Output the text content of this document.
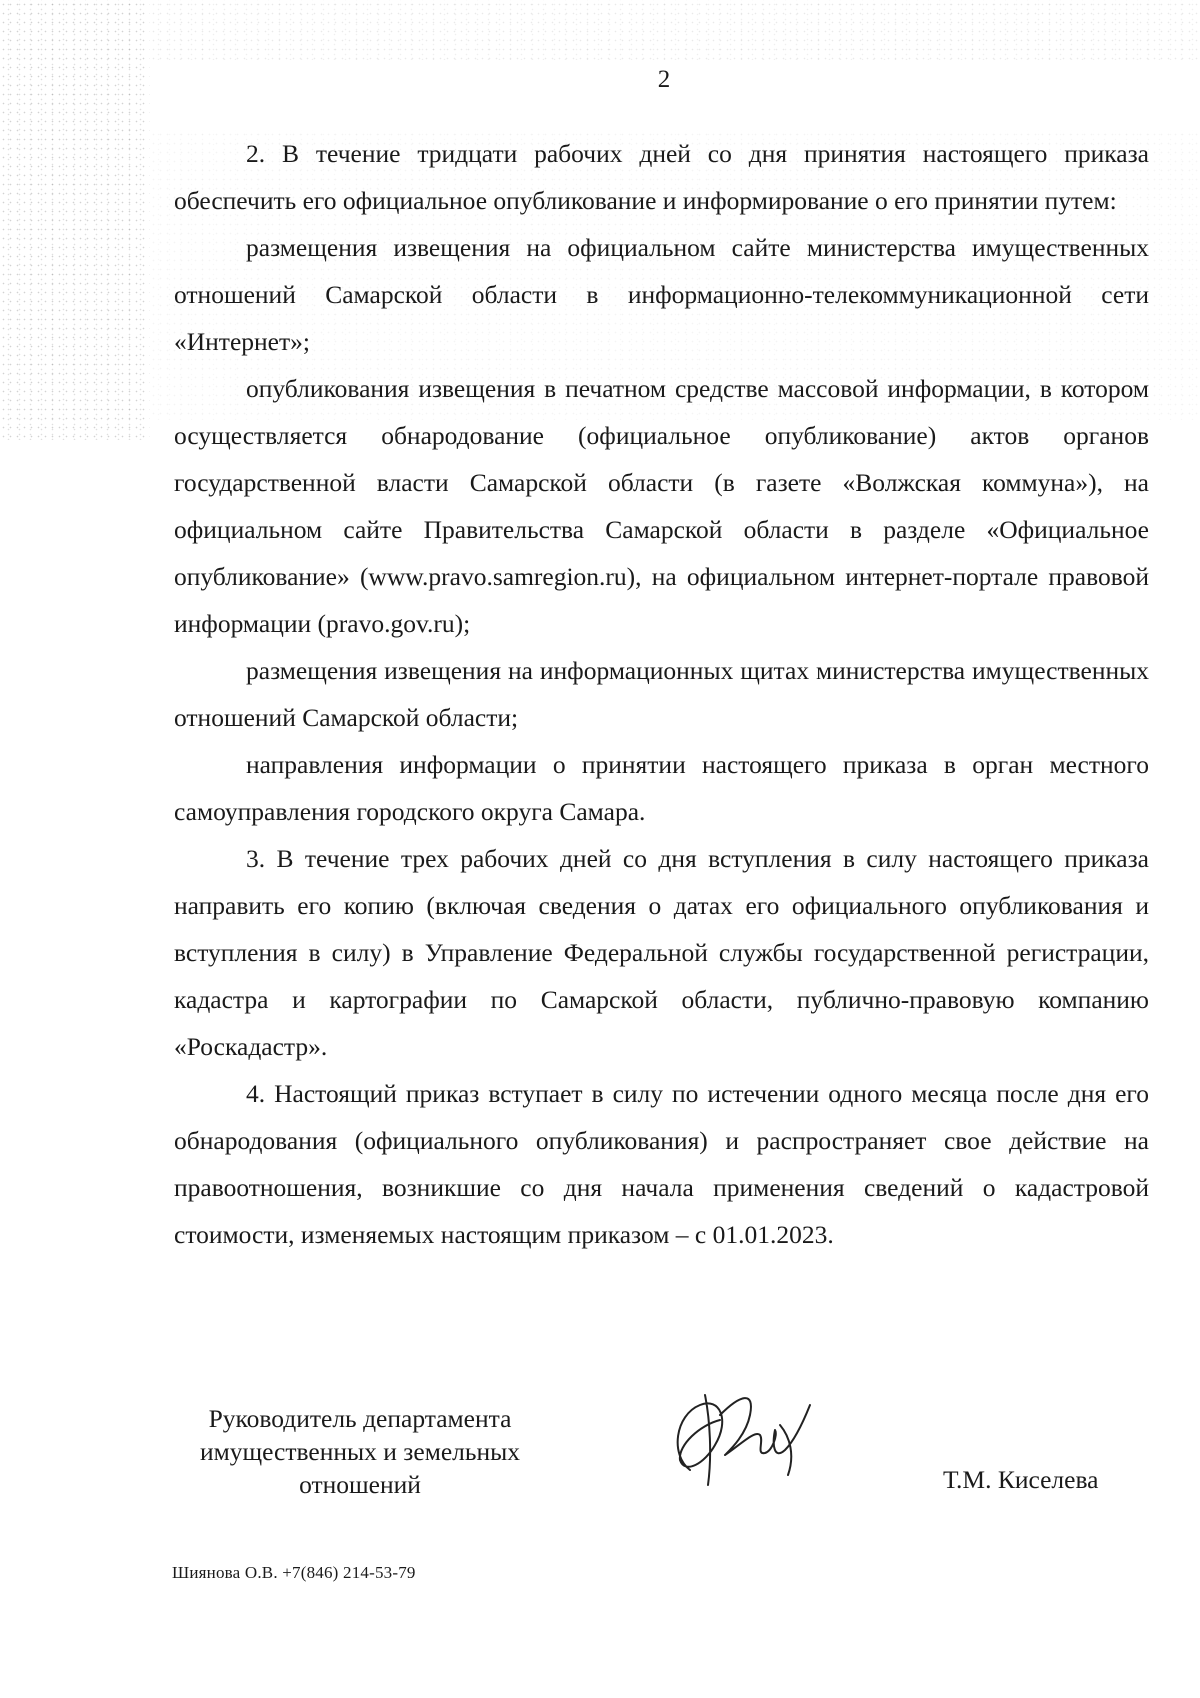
2

2. В течение тридцати рабочих дней со дня принятия настоящего приказа обеспечить его официальное опубликование и информирование о его принятии путем:

размещения извещения на официальном сайте министерства имущественных отношений Самарской области в информационно-телекоммуникационной сети «Интернет»;

опубликования извещения в печатном средстве массовой информации, в котором осуществляется обнародование (официальное опубликование) актов органов государственной власти Самарской области (в газете «Волжская коммуна»), на официальном сайте Правительства Самарской области в разделе «Официальное опубликование» (www.pravo.samregion.ru), на официальном интернет-портале правовой информации (pravo.gov.ru);

размещения извещения на информационных щитах министерства имущественных отношений Самарской области;

направления информации о принятии настоящего приказа в орган местного самоуправления городского округа Самара.

3. В течение трех рабочих дней со дня вступления в силу настоящего приказа направить его копию (включая сведения о датах его официального опубликования и вступления в силу) в Управление Федеральной службы государственной регистрации, кадастра и картографии по Самарской области, публично-правовую компанию «Роскадастр».

4. Настоящий приказ вступает в силу по истечении одного месяца после дня его обнародования (официального опубликования) и распространяет свое действие на правоотношения, возникшие со дня начала применения сведений о кадастровой стоимости, изменяемых настоящим приказом – с 01.01.2023.

Руководитель департамента
имущественных и земельных
отношений	Т.М. Киселева
Шиянова О.В. +7(846) 214-53-79
